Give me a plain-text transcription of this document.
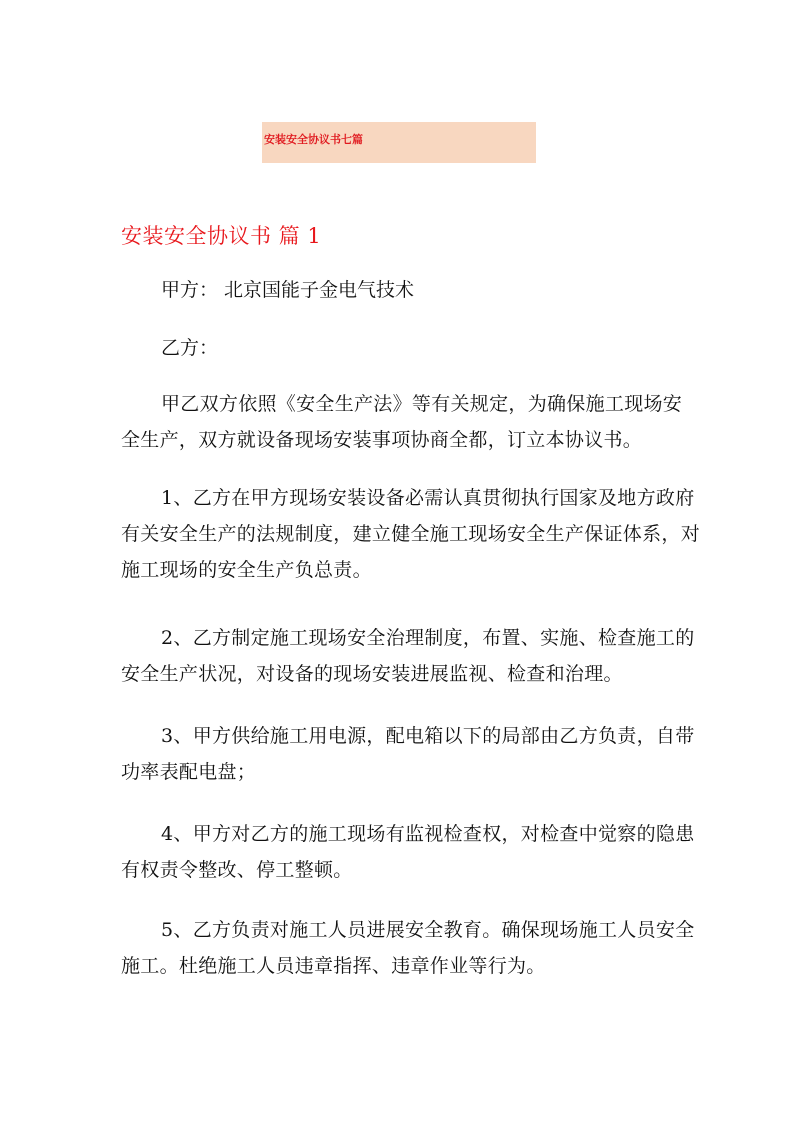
安装安全协议书七篇
安装安全协议书 篇 1
甲方： 北京国能子金电气技术
乙方：

甲乙双方依照《安全生产法》等有关规定，为确保施工现场安全生产，双方就设备现场安装事项协商全都，订立本协议书。

1、乙方在甲方现场安装设备必需认真贯彻执行国家及地方政府有关安全生产的法规制度，建立健全施工现场安全生产保证体系，对施工现场的安全生产负总责。

2、乙方制定施工现场安全治理制度，布置、实施、检查施工的安全生产状况，对设备的现场安装进展监视、检查和治理。

3、甲方供给施工用电源，配电箱以下的局部由乙方负责，自带功率表配电盘；

4、甲方对乙方的施工现场有监视检查权，对检查中觉察的隐患有权责令整改、停工整顿。

5、乙方负责对施工人员进展安全教育。确保现场施工人员安全施工。杜绝施工人员违章指挥、违章作业等行为。
